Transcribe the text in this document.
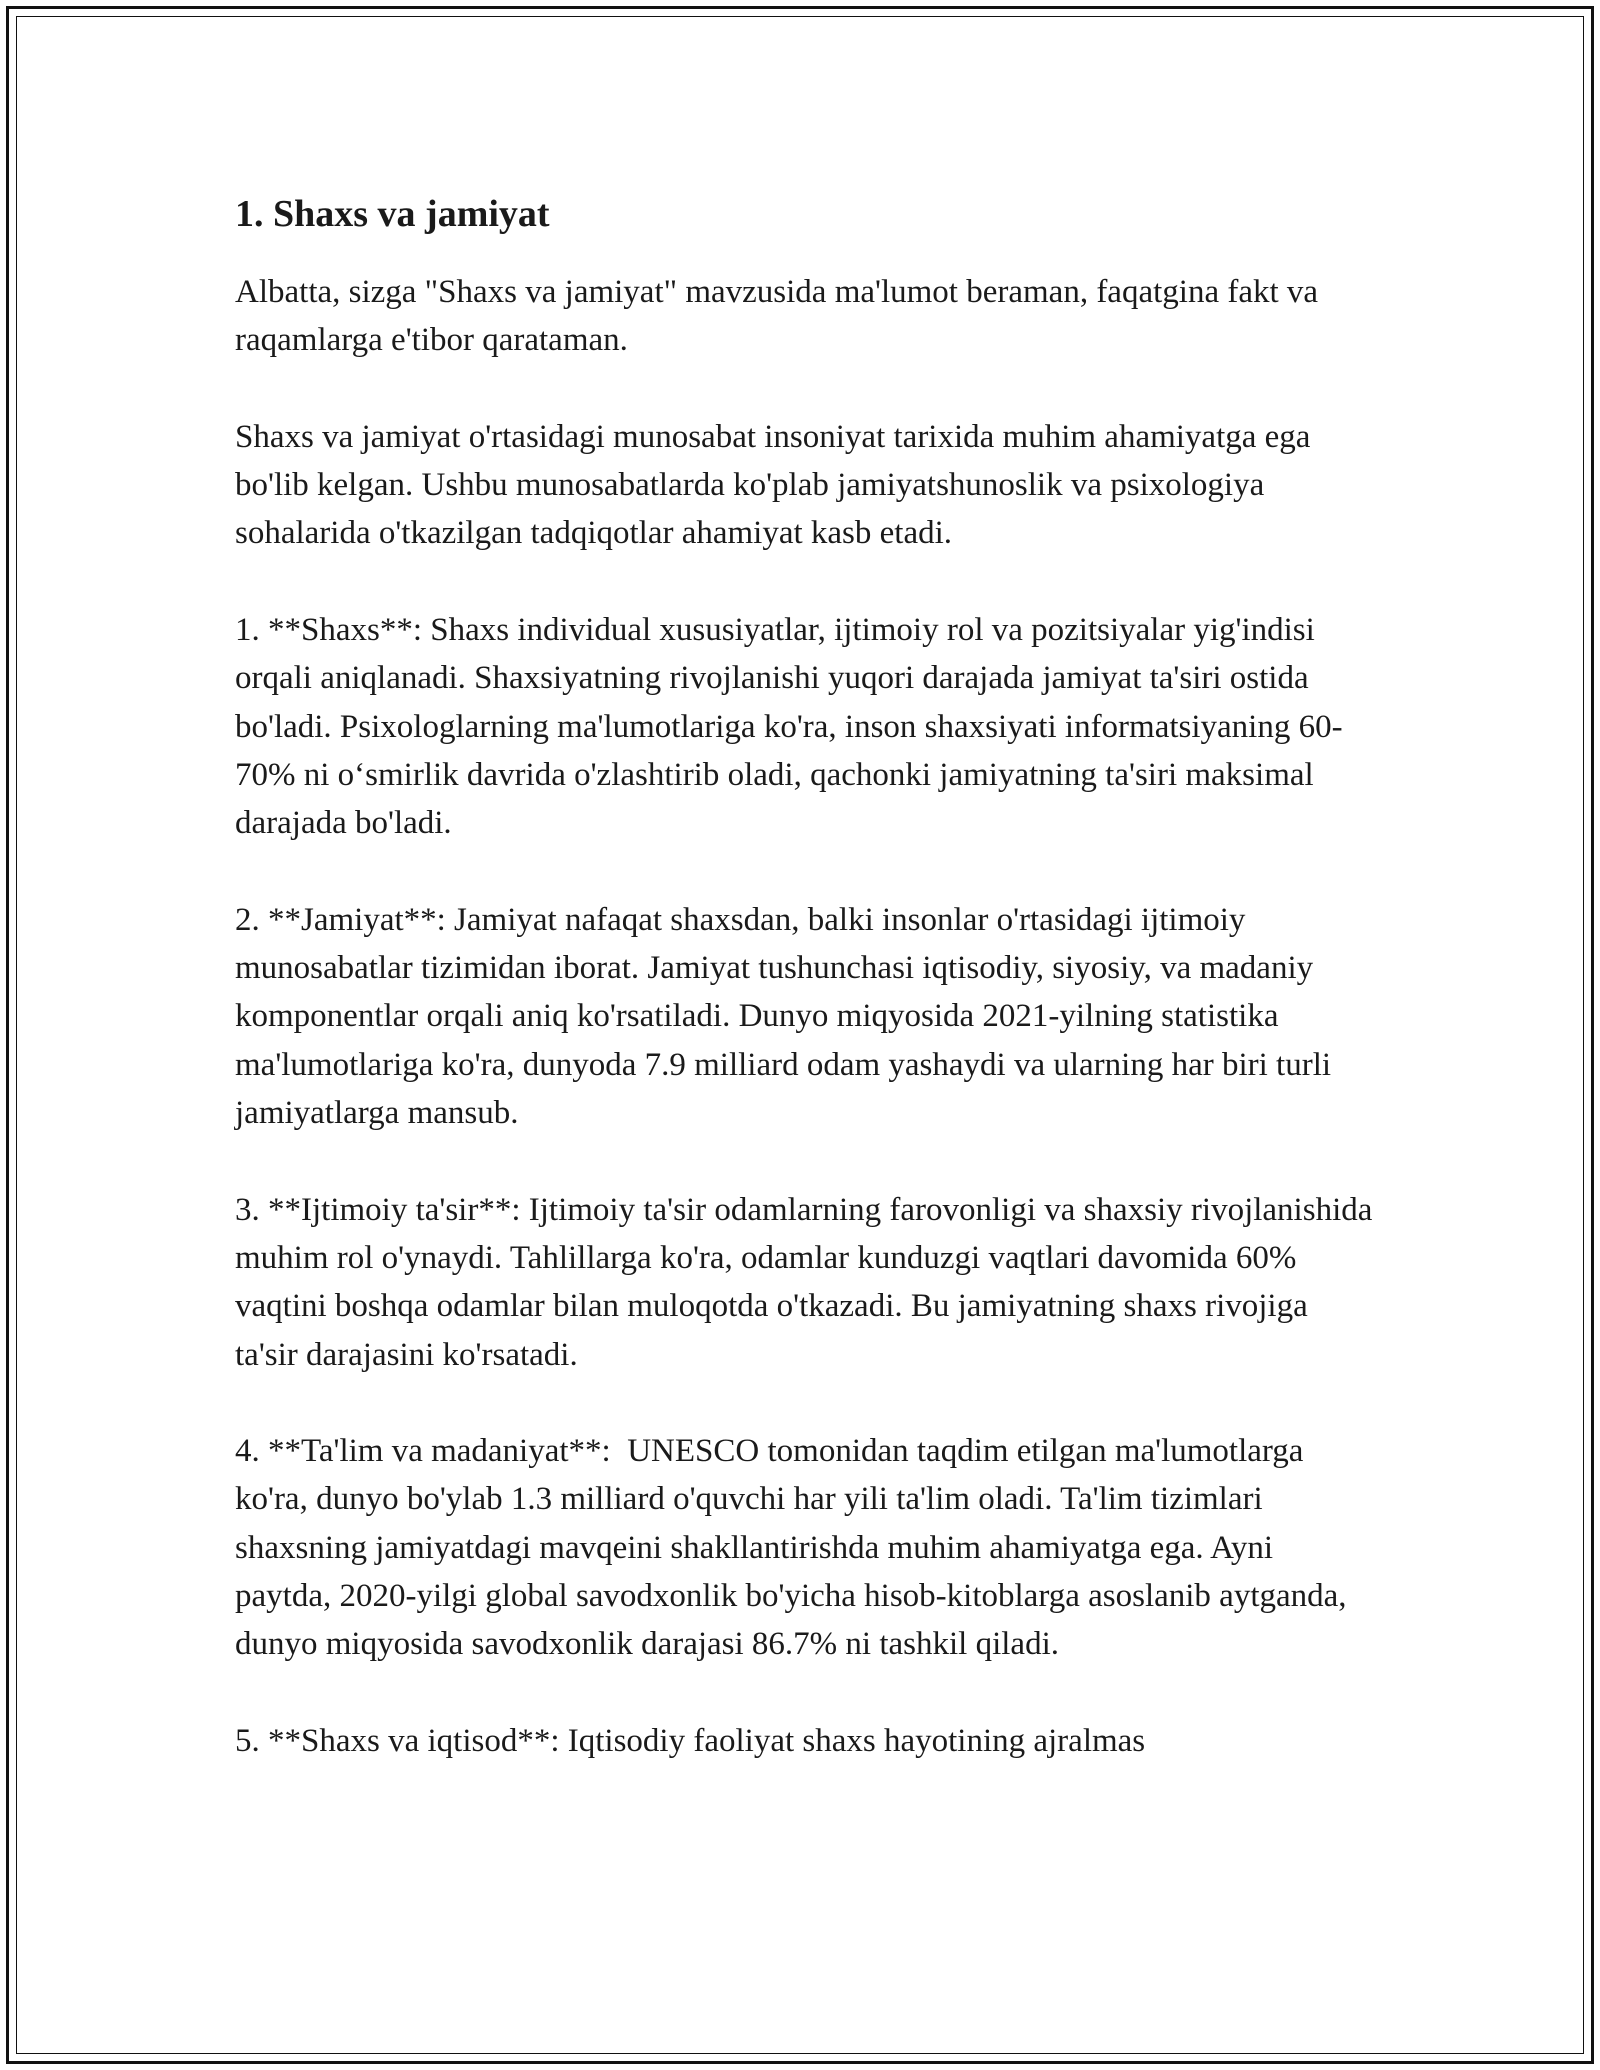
1. Shaxs va jamiyat

Albatta, sizga "Shaxs va jamiyat" mavzusida ma'lumot beraman, faqatgina fakt va raqamlarga e'tibor qarataman.

Shaxs va jamiyat o'rtasidagi munosabat insoniyat tarixida muhim ahamiyatga ega bo'lib kelgan. Ushbu munosabatlarda ko'plab jamiyatshunoslik va psixologiya sohalarida o'tkazilgan tadqiqotlar ahamiyat kasb etadi.

1. **Shaxs**: Shaxs individual xususiyatlar, ijtimoiy rol va pozitsiyalar yig'indisi orqali aniqlanadi. Shaxsiyatning rivojlanishi yuqori darajada jamiyat ta'siri ostida bo'ladi. Psixologlarning ma'lumotlariga ko'ra, inson shaxsiyati informatsiyaning 60-70% ni o‘smirlik davrida o'zlashtirib oladi, qachonki jamiyatning ta'siri maksimal darajada bo'ladi.

2. **Jamiyat**: Jamiyat nafaqat shaxsdan, balki insonlar o'rtasidagi ijtimoiy munosabatlar tizimidan iborat. Jamiyat tushunchasi iqtisodiy, siyosiy, va madaniy komponentlar orqali aniq ko'rsatiladi. Dunyo miqyosida 2021-yilning statistika ma'lumotlariga ko'ra, dunyoda 7.9 milliard odam yashaydi va ularning har biri turli jamiyatlarga mansub.

3. **Ijtimoiy ta'sir**: Ijtimoiy ta'sir odamlarning farovonligi va shaxsiy rivojlanishida muhim rol o'ynaydi. Tahlillarga ko'ra, odamlar kunduzgi vaqtlari davomida 60% vaqtini boshqa odamlar bilan muloqotda o'tkazadi. Bu jamiyatning shaxs rivojiga ta'sir darajasini ko'rsatadi.

4. **Ta'lim va madaniyat**:  UNESCO tomonidan taqdim etilgan ma'lumotlarga ko'ra, dunyo bo'ylab 1.3 milliard o'quvchi har yili ta'lim oladi. Ta'lim tizimlari shaxsning jamiyatdagi mavqeini shakllantirishda muhim ahamiyatga ega. Ayni paytda, 2020-yilgi global savodxonlik bo'yicha hisob-kitoblarga asoslanib aytganda, dunyo miqyosida savodxonlik darajasi 86.7% ni tashkil qiladi.

5. **Shaxs va iqtisod**: Iqtisodiy faoliyat shaxs hayotining ajralmas
